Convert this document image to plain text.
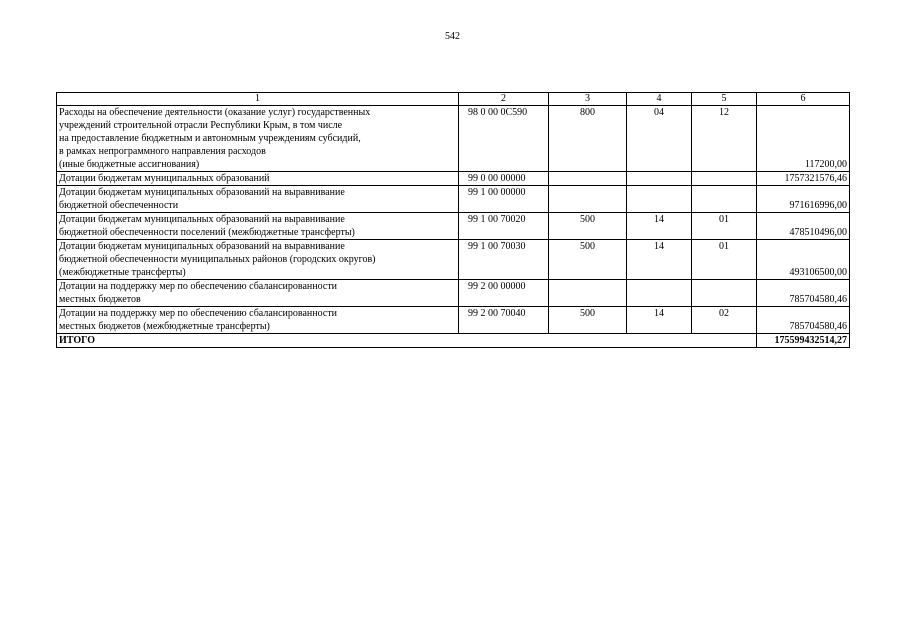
542
1	2	3	4	5	6

Расходы на обеспечение деятельности (оказание услуг) государственных
учреждений строительной отрасли Республики Крым, в том числе
на предоставление бюджетным и автономным учреждениям субсидий,
в рамках непрограммного направления расходов
(иные бюджетные ассигнования)	98 0 00 0С590	800	04	12	117200,00

Дотации бюджетам муниципальных образований	99 0 00 00000				1757321576,46

Дотации бюджетам муниципальных образований на выравнивание
бюджетной обеспеченности	99 1 00 00000				971616996,00

Дотации бюджетам муниципальных образований на выравнивание
бюджетной обеспеченности поселений (межбюджетные трансферты)	99 1 00 70020	500	14	01	478510496,00

Дотации бюджетам муниципальных образований на выравнивание
бюджетной обеспеченности муниципальных районов (городских округов)
(межбюджетные трансферты)	99 1 00 70030	500	14	01	493106500,00

Дотации на поддержку мер по обеспечению сбалансированности
местных бюджетов	99 2 00 00000				785704580,46

Дотации на поддержку мер по обеспечению сбалансированности
местных бюджетов (межбюджетные трансферты)	99 2 00 70040	500	14	02	785704580,46
ИТОГО					175599432514,27
